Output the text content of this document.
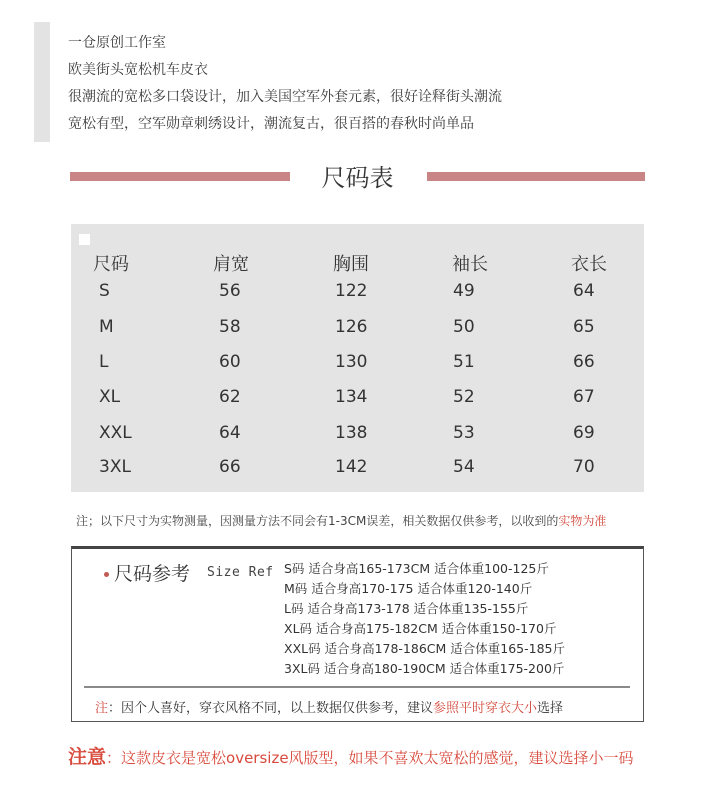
一仓原创工作室
欧美街头宽松机车皮衣
很潮流的宽松多口袋设计，加入美国空军外套元素，很好诠释街头潮流
宽松有型，空军勋章刺绣设计，潮流复古，很百搭的春秋时尚单品
尺码表
尺码	肩宽	胸围	袖长	衣长
S	56	122	49	64
M	58	126	50	65
L	60	130	51	66
XL	62	134	52	67
XXL	64	138	53	69
3XL	66	142	54	70
注；以下尺寸为实物测量，因测量方法不同会有1-3CM误差，相关数据仅供参考，以收到的实物为准
尺码参考 Size Ref S码 适合身高165-173CM 适合体重100-125斤
M码 适合身高170-175 适合体重120-140斤
L码 适合身高173-178 适合体重135-155斤
XL码 适合身高175-182CM 适合体重150-170斤
XXL码 适合身高178-186CM 适合体重165-185斤
3XL码 适合身高180-190CM 适合体重175-200斤
注：因个人喜好，穿衣风格不同，以上数据仅供参考，建议参照平时穿衣大小选择
注意：这款皮衣是宽松oversize风版型，如果不喜欢太宽松的感觉，建议选择小一码
